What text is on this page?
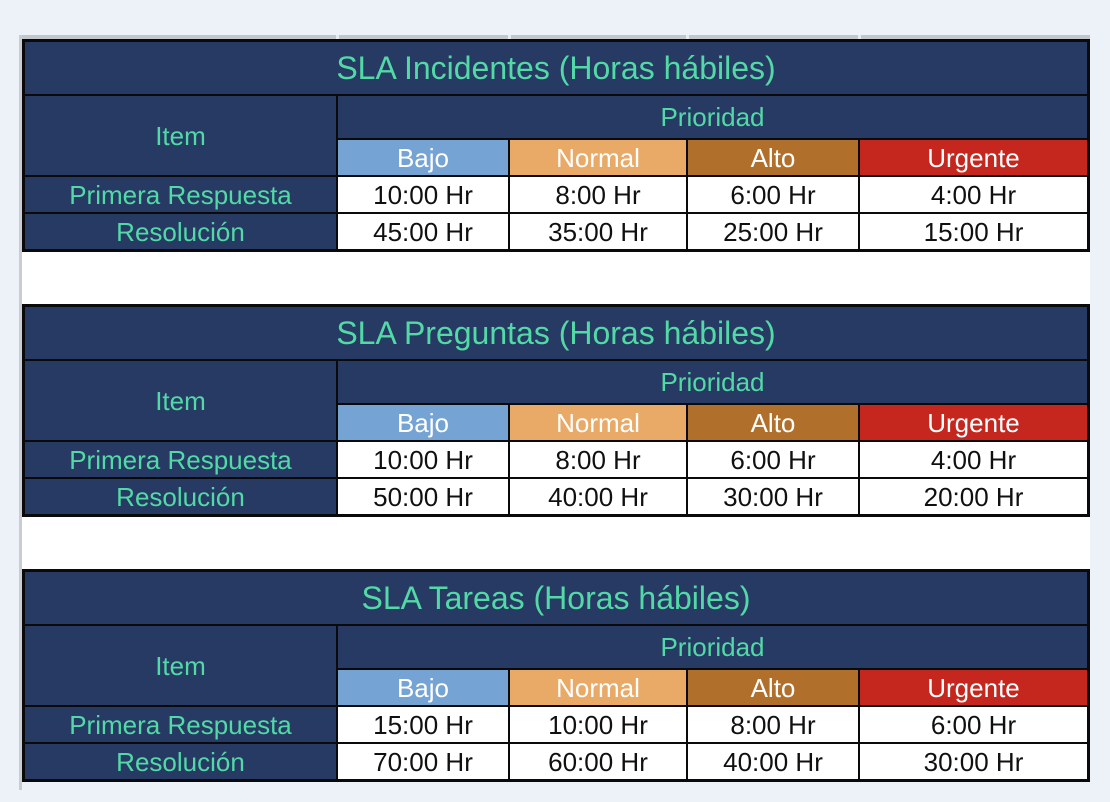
SLA Incidentes (Horas hábiles)
Item
Prioridad
Bajo	Normal	Alto	Urgente
Primera Respuesta	10:00 Hr	8:00 Hr	6:00 Hr	4:00 Hr
Resolución	45:00 Hr	35:00 Hr	25:00 Hr	15:00 Hr
SLA Preguntas (Horas hábiles)
Item
Prioridad
Bajo	Normal	Alto	Urgente
Primera Respuesta	10:00 Hr	8:00 Hr	6:00 Hr	4:00 Hr
Resolución	50:00 Hr	40:00 Hr	30:00 Hr	20:00 Hr
SLA Tareas (Horas hábiles)
Item
Prioridad
Bajo	Normal	Alto	Urgente
Primera Respuesta	15:00 Hr	10:00 Hr	8:00 Hr	6:00 Hr
Resolución	70:00 Hr	60:00 Hr	40:00 Hr	30:00 Hr
